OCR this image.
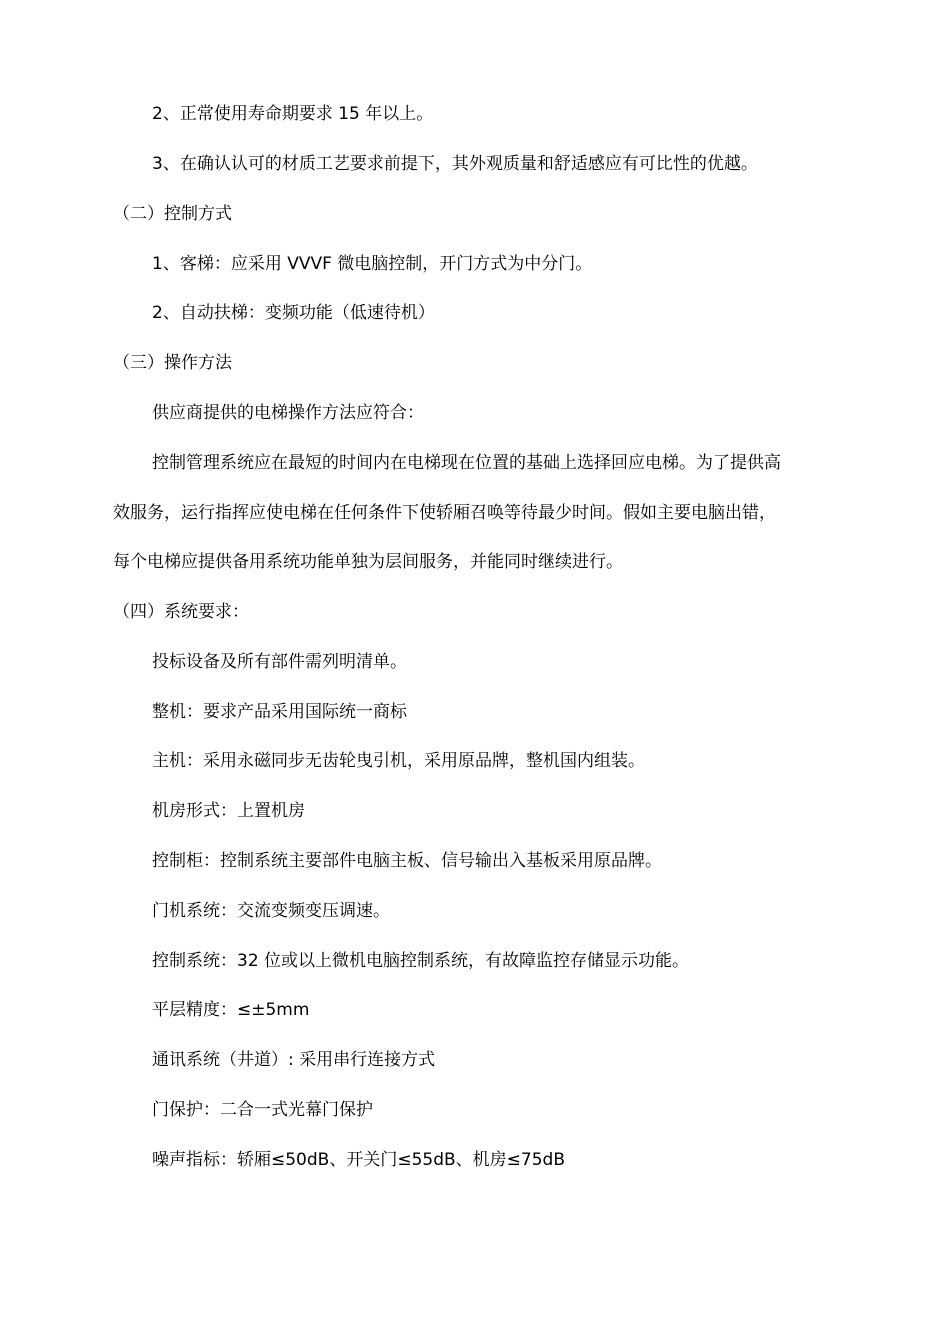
2、正常使用寿命期要求 15 年以上。
3、在确认认可的材质工艺要求前提下，其外观质量和舒适感应有可比性的优越。
（二）控制方式
1、客梯：应采用 VVVF 微电脑控制，开门方式为中分门。
2、自动扶梯：变频功能（低速待机）
（三）操作方法
供应商提供的电梯操作方法应符合：
控制管理系统应在最短的时间内在电梯现在位置的基础上选择回应电梯。为了提供高
效服务，运行指挥应使电梯在任何条件下使轿厢召唤等待最少时间。假如主要电脑出错，
每个电梯应提供备用系统功能单独为层间服务，并能同时继续进行。
（四）系统要求：
投标设备及所有部件需列明清单。
整机：要求产品采用国际统一商标
主机：采用永磁同步无齿轮曳引机，采用原品牌，整机国内组装。
机房形式：上置机房
控制柜：控制系统主要部件电脑主板、信号输出入基板采用原品牌。
门机系统：交流变频变压调速。
控制系统：32 位或以上微机电脑控制系统，有故障监控存储显示功能。
平层精度：≤±5mm
通讯系统（井道）: 采用串行连接方式
门保护：二合一式光幕门保护
噪声指标：轿厢≤50dB、开关门≤55dB、机房≤75dB
